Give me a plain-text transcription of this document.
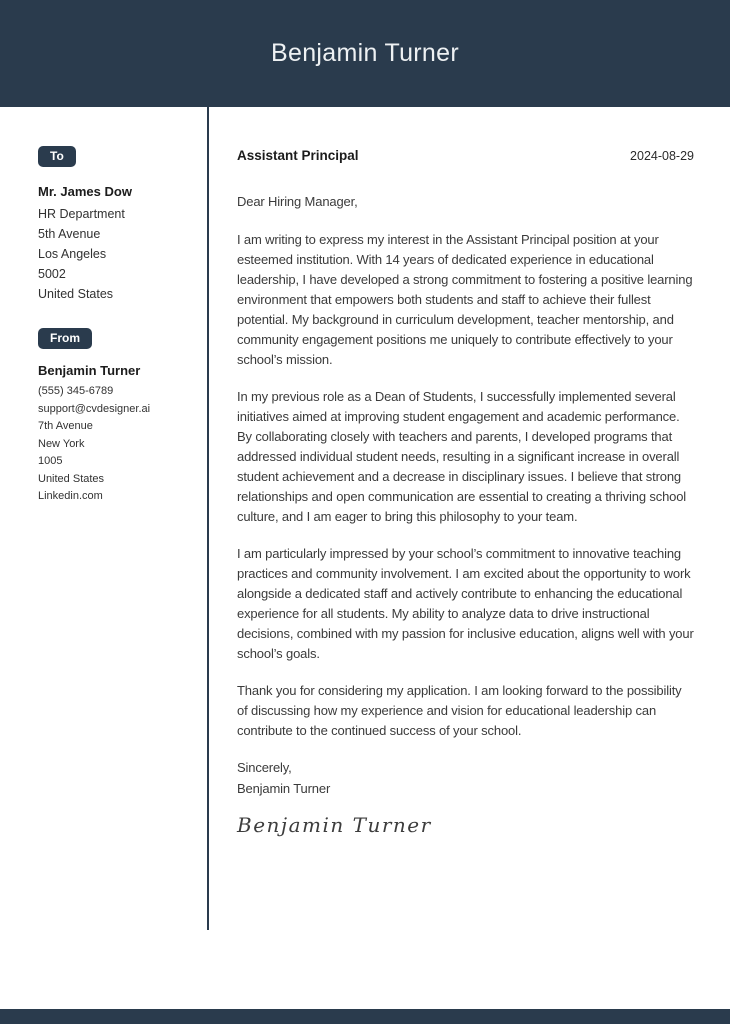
Benjamin Turner
To
Mr. James Dow
HR Department
5th Avenue
Los Angeles
5002
United States
From
Benjamin Turner
(555) 345-6789
support@cvdesigner.ai
7th Avenue
New York
1005
United States
Linkedin.com
Assistant Principal	2024-08-29
Dear Hiring Manager,

I am writing to express my interest in the Assistant Principal position at your esteemed institution. With 14 years of dedicated experience in educational leadership, I have developed a strong commitment to fostering a positive learning environment that empowers both students and staff to achieve their fullest potential. My background in curriculum development, teacher mentorship, and community engagement positions me uniquely to contribute effectively to your school’s mission.

In my previous role as a Dean of Students, I successfully implemented several initiatives aimed at improving student engagement and academic performance. By collaborating closely with teachers and parents, I developed programs that addressed individual student needs, resulting in a significant increase in overall student achievement and a decrease in disciplinary issues. I believe that strong relationships and open communication are essential to creating a thriving school culture, and I am eager to bring this philosophy to your team.

I am particularly impressed by your school’s commitment to innovative teaching practices and community involvement. I am excited about the opportunity to work alongside a dedicated staff and actively contribute to enhancing the educational experience for all students. My ability to analyze data to drive instructional decisions, combined with my passion for inclusive education, aligns well with your school’s goals.

Thank you for considering my application. I am looking forward to the possibility of discussing how my experience and vision for educational leadership can contribute to the continued success of your school.

Sincerely,
Benjamin Turner
Benjamin Turner
